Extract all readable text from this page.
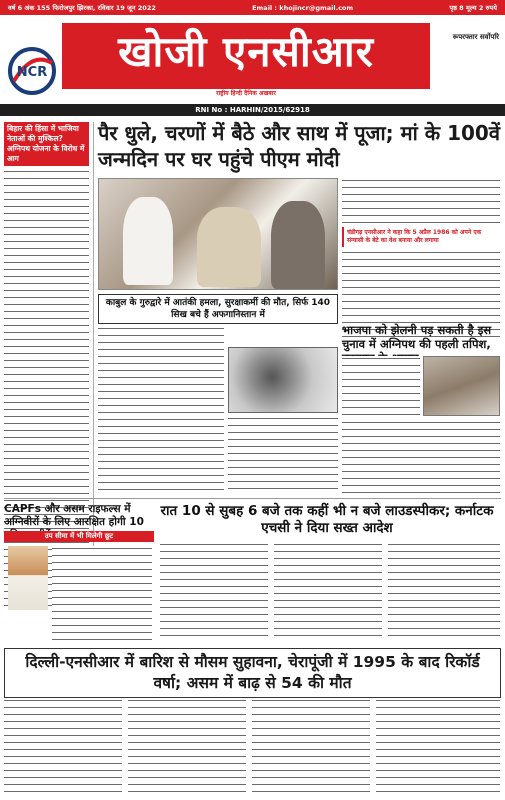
वर्ष 6 अंक 155 फिरोजपुर झिरका, रविवार 19 जून 2022	Email : khojincr@gmail.com	पृष्ठ 8 मूल्य 2 रुपये
रूपरफ्तार सर्वोपरि
NCR	खोजी एनसीआर
राष्ट्रीय हिन्दी दैनिक अखबार
RNI No : HARHIN/2015/62918
बिहार की हिंसा में भाजिया नेताओं की मुश्किल? अग्निपथ योजना के विरोध में आग
पैर धुले, चरणों में बैठे और साथ में पूजा; मां के 100वें जन्मदिन पर घर पहुंचे पीएम मोदी
चंडीगढ़ एनसीआर ने कहा कि 5 अप्रैल 1986 को अपने एक संन्यासी के बेटे का वेश बनाया और लगाया
काबुल के गुरुद्वारे में आतंकी हमला, सुरक्षाकर्मी की मौत, सिर्फ 140 सिख बचे हैं अफगानिस्तान में
भाजपा को झेलनी पड़ सकती है इस चुनाव में अग्निपथ की पहली तपिश,
CAPFs और असम राइफल्स में अग्निवीरों के लिए आरक्षित होगी 10
उप सीमा में भी मिलेगी छूट
रात 10 से सुबह 6 बजे तक कहीं भी न बजे लाउडस्पीकर; कर्नाटक एचसी ने दिया सख्त आदेश
दिल्ली-एनसीआर में बारिश से मौसम सुहावना, चेरापूंजी में 1995 के बाद रिकॉर्ड वर्षा; असम में बाढ़ से 54 की मौत
